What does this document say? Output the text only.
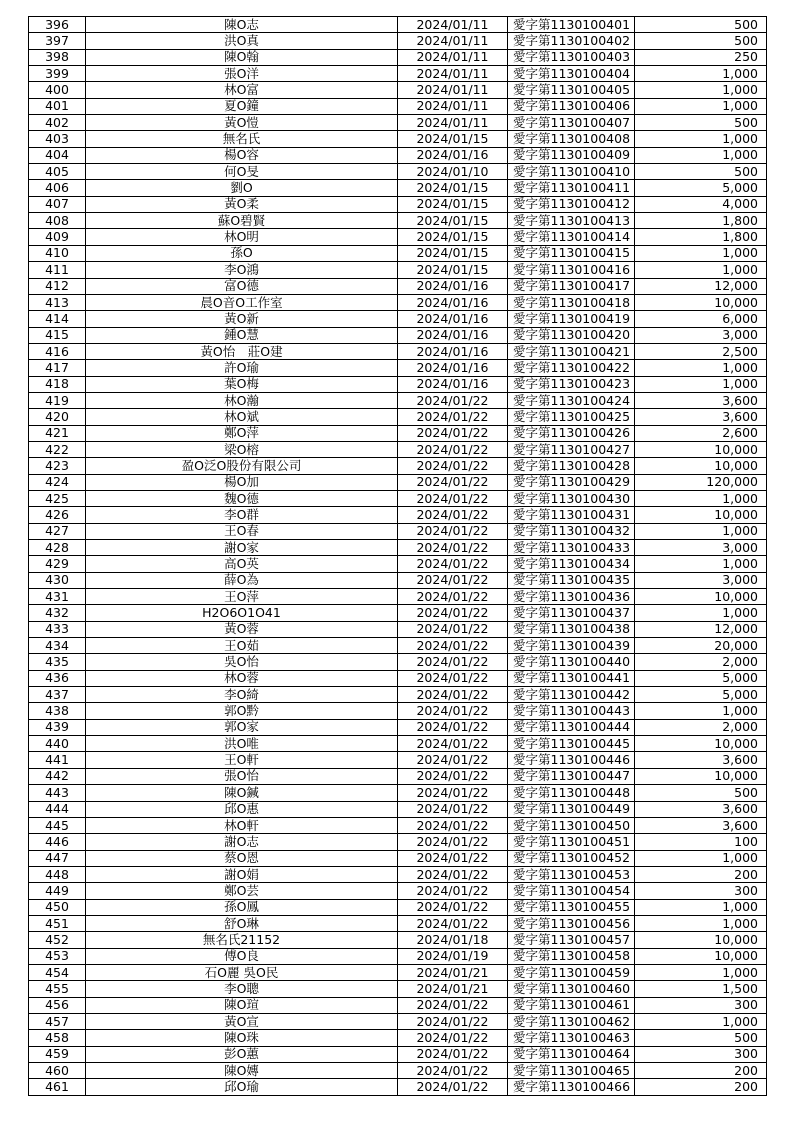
396	陳O志	2024/01/11	愛字第1130100401	500
397	洪O真	2024/01/11	愛字第1130100402	500
398	陳O翰	2024/01/11	愛字第1130100403	250
399	張O洋	2024/01/11	愛字第1130100404	1,000
400	林O富	2024/01/11	愛字第1130100405	1,000
401	夏O鐘	2024/01/11	愛字第1130100406	1,000
402	黃O愷	2024/01/11	愛字第1130100407	500
403	無名氏	2024/01/15	愛字第1130100408	1,000
404	楊O容	2024/01/16	愛字第1130100409	1,000
405	何O旻	2024/01/10	愛字第1130100410	500
406	劉O	2024/01/15	愛字第1130100411	5,000
407	黃O柔	2024/01/15	愛字第1130100412	4,000
408	蘇O碧賢	2024/01/15	愛字第1130100413	1,800
409	林O明	2024/01/15	愛字第1130100414	1,800
410	孫O	2024/01/15	愛字第1130100415	1,000
411	李O鴻	2024/01/15	愛字第1130100416	1,000
412	富O德	2024/01/16	愛字第1130100417	12,000
413	晨O音O工作室	2024/01/16	愛字第1130100418	10,000
414	黃O新	2024/01/16	愛字第1130100419	6,000
415	鍾O慧	2024/01/16	愛字第1130100420	3,000
416	黃O怡　莊O建	2024/01/16	愛字第1130100421	2,500
417	許O瑜	2024/01/16	愛字第1130100422	1,000
418	葉O梅	2024/01/16	愛字第1130100423	1,000
419	林O瀚	2024/01/22	愛字第1130100424	3,600
420	林O斌	2024/01/22	愛字第1130100425	3,600
421	鄭O萍	2024/01/22	愛字第1130100426	2,600
422	梁O榕	2024/01/22	愛字第1130100427	10,000
423	盈O泛O股份有限公司	2024/01/22	愛字第1130100428	10,000
424	楊O加	2024/01/22	愛字第1130100429	120,000
425	魏O德	2024/01/22	愛字第1130100430	1,000
426	李O群	2024/01/22	愛字第1130100431	10,000
427	王O春	2024/01/22	愛字第1130100432	1,000
428	謝O家	2024/01/22	愛字第1130100433	3,000
429	高O英	2024/01/22	愛字第1130100434	1,000
430	薛O為	2024/01/22	愛字第1130100435	3,000
431	王O萍	2024/01/22	愛字第1130100436	10,000
432	H2O6O1O41	2024/01/22	愛字第1130100437	1,000
433	黃O蓉	2024/01/22	愛字第1130100438	12,000
434	王O茹	2024/01/22	愛字第1130100439	20,000
435	吳O怡	2024/01/22	愛字第1130100440	2,000
436	林O蓉	2024/01/22	愛字第1130100441	5,000
437	李O綺	2024/01/22	愛字第1130100442	5,000
438	郭O黔	2024/01/22	愛字第1130100443	1,000
439	郭O家	2024/01/22	愛字第1130100444	2,000
440	洪O唯	2024/01/22	愛字第1130100445	10,000
441	王O軒	2024/01/22	愛字第1130100446	3,600
442	張O怡	2024/01/22	愛字第1130100447	10,000
443	陳O鍼	2024/01/22	愛字第1130100448	500
444	邱O惠	2024/01/22	愛字第1130100449	3,600
445	林O軒	2024/01/22	愛字第1130100450	3,600
446	謝O志	2024/01/22	愛字第1130100451	100
447	蔡O恩	2024/01/22	愛字第1130100452	1,000
448	謝O娟	2024/01/22	愛字第1130100453	200
449	鄭O芸	2024/01/22	愛字第1130100454	300
450	孫O鳳	2024/01/22	愛字第1130100455	1,000
451	舒O琳	2024/01/22	愛字第1130100456	1,000
452	無名氏21152	2024/01/18	愛字第1130100457	10,000
453	傅O良	2024/01/19	愛字第1130100458	10,000
454	石O麗 吳O民	2024/01/21	愛字第1130100459	1,000
455	李O聰	2024/01/21	愛字第1130100460	1,500
456	陳O瑄	2024/01/22	愛字第1130100461	300
457	黃O宣	2024/01/22	愛字第1130100462	1,000
458	陳O珠	2024/01/22	愛字第1130100463	500
459	彭O蕙	2024/01/22	愛字第1130100464	300
460	陳O嫥	2024/01/22	愛字第1130100465	200
461	邱O瑜	2024/01/22	愛字第1130100466	200
